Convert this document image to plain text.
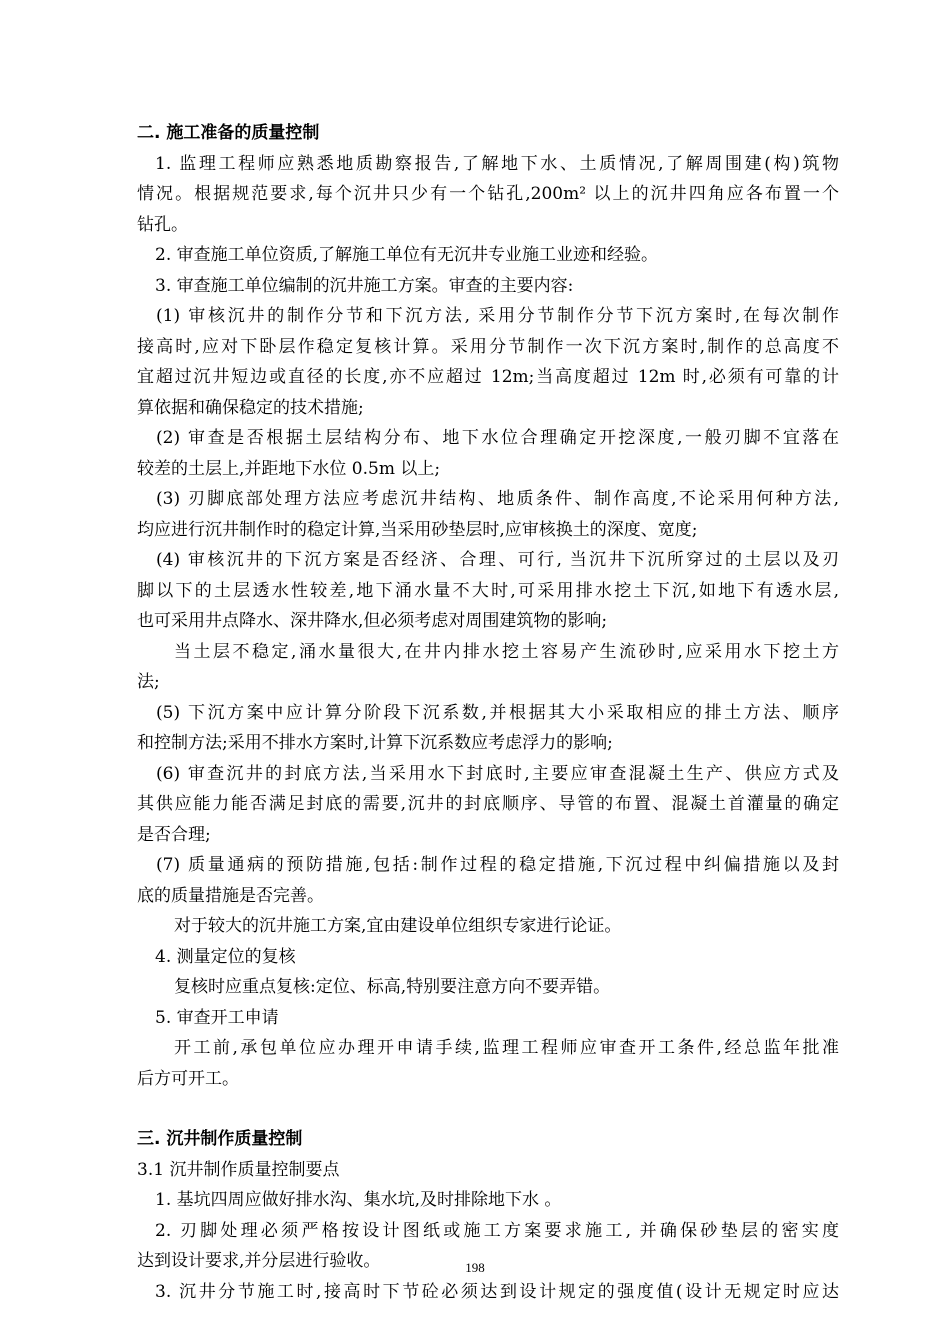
二. 施工准备的质量控制
1. 监理工程师应熟悉地质勘察报告,了解地下水、土质情况,了解周围建(构)筑物
情况。根据规范要求,每个沉井只少有一个钻孔,200m² 以上的沉井四角应各布置一个
钻孔。
2. 审查施工单位资质,了解施工单位有无沉井专业施工业迹和经验。
3. 审查施工单位编制的沉井施工方案。审查的主要内容:
(1) 审核沉井的制作分节和下沉方法, 采用分节制作分节下沉方案时,在每次制作
接高时,应对下卧层作稳定复核计算。采用分节制作一次下沉方案时,制作的总高度不
宜超过沉井短边或直径的长度,亦不应超过 12m;当高度超过 12m 时,必须有可靠的计
算依据和确保稳定的技术措施;
(2) 审查是否根据土层结构分布、地下水位合理确定开挖深度,一般刃脚不宜落在
较差的土层上,并距地下水位 0.5m 以上;
(3) 刃脚底部处理方法应考虑沉井结构、地质条件、制作高度,不论采用何种方法,
均应进行沉井制作时的稳定计算,当采用砂垫层时,应审核换土的深度、宽度;
(4) 审核沉井的下沉方案是否经济、合理、可行, 当沉井下沉所穿过的土层以及刃
脚以下的土层透水性较差,地下涌水量不大时,可采用排水挖土下沉,如地下有透水层,
也可采用井点降水、深井降水,但必须考虑对周围建筑物的影响;
当土层不稳定,涌水量很大,在井内排水挖土容易产生流砂时,应采用水下挖土方
法;
(5) 下沉方案中应计算分阶段下沉系数,并根据其大小采取相应的排土方法、顺序
和控制方法;采用不排水方案时,计算下沉系数应考虑浮力的影响;
(6) 审查沉井的封底方法,当采用水下封底时,主要应审查混凝土生产、供应方式及
其供应能力能否满足封底的需要,沉井的封底顺序、导管的布置、混凝土首灌量的确定
是否合理;
(7) 质量通病的预防措施,包括:制作过程的稳定措施,下沉过程中纠偏措施以及封
底的质量措施是否完善。
对于较大的沉井施工方案,宜由建设单位组织专家进行论证。
4. 测量定位的复核
复核时应重点复核:定位、标高,特别要注意方向不要弄错。
5. 审查开工申请
开工前,承包单位应办理开申请手续,监理工程师应审查开工条件,经总监年批准
后方可开工。
三. 沉井制作质量控制
3.1 沉井制作质量控制要点
1. 基坑四周应做好排水沟、集水坑,及时排除地下水 。
2. 刃脚处理必须严格按设计图纸或施工方案要求施工, 并确保砂垫层的密实度
达到设计要求,并分层进行验收。
3. 沉井分节施工时,接高时下节砼必须达到设计规定的强度值(设计无规定时应达
198
